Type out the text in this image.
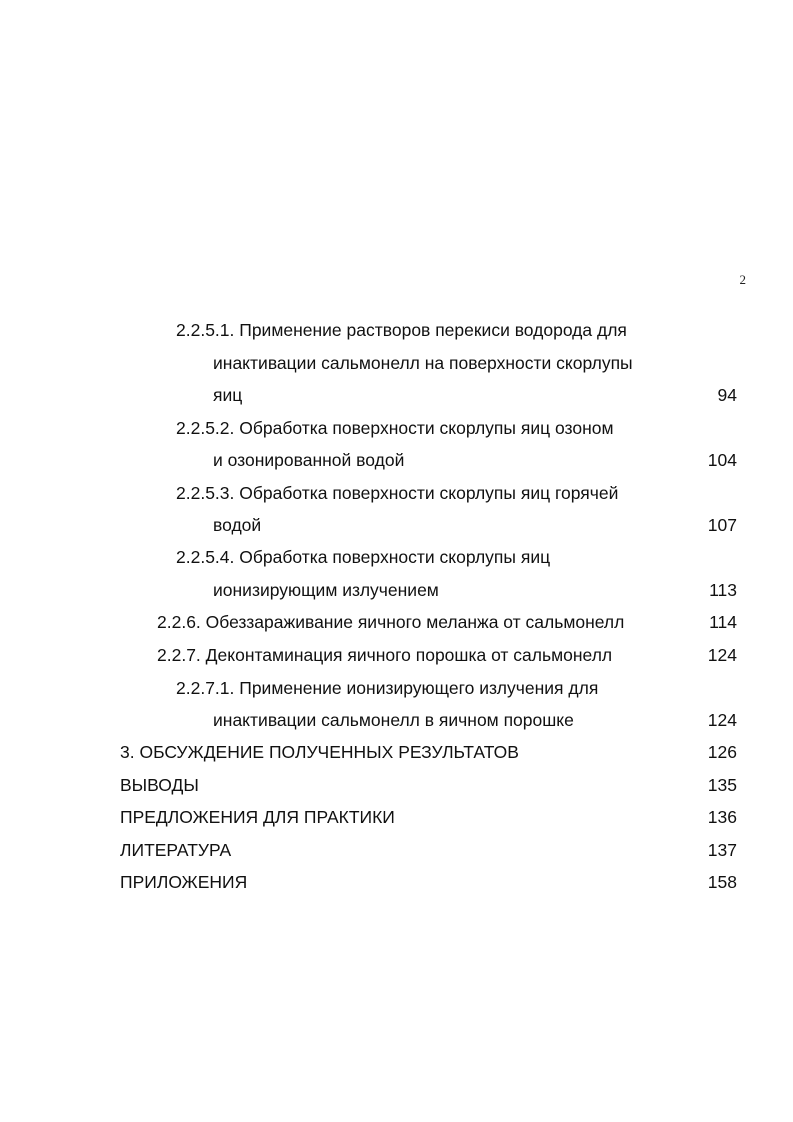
2
2.2.5.1. Применение растворов перекиси водорода для
инактивации сальмонелл на поверхности скорлупы
яиц	94
2.2.5.2. Обработка поверхности скорлупы яиц озоном
и озонированной водой	104
2.2.5.3. Обработка поверхности скорлупы яиц горячей
водой	107
2.2.5.4. Обработка поверхности скорлупы яиц
ионизирующим излучением	113
2.2.6. Обеззараживание яичного меланжа от сальмонелл	114
2.2.7. Деконтаминация яичного порошка от сальмонелл	124
2.2.7.1. Применение ионизирующего излучения для
инактивации сальмонелл в яичном порошке	124
3. ОБСУЖДЕНИЕ ПОЛУЧЕННЫХ РЕЗУЛЬТАТОВ	126
ВЫВОДЫ	135
ПРЕДЛОЖЕНИЯ ДЛЯ ПРАКТИКИ	136
ЛИТЕРАТУРА	137
ПРИЛОЖЕНИЯ	158
